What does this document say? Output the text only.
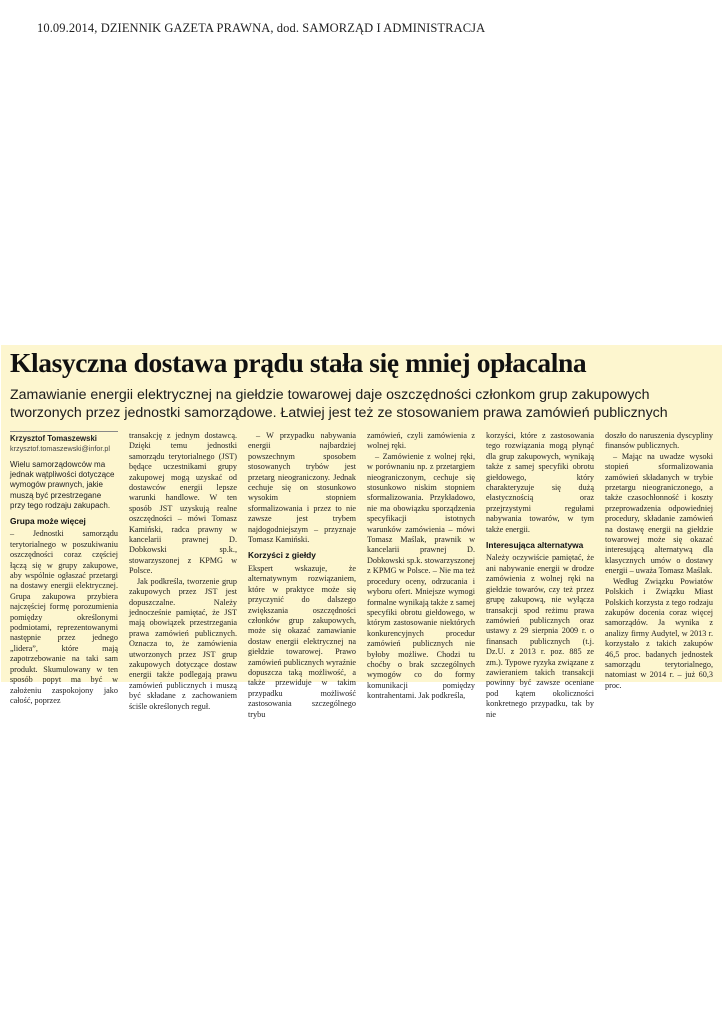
10.09.2014, DZIENNIK GAZETA PRAWNA, dod. SAMORZĄD I ADMINISTRACJA
Klasyczna dostawa prądu stała się mniej opłacalna

Zamawianie energii elektrycznej na giełdzie towarowej daje oszczędności członkom grup zakupowych tworzonych przez jednostki samorządowe. Łatwiej jest też ze stosowaniem prawa zamówień publicznych

Krzysztof Tomaszewski
krzysztof.tomaszewski@infor.pl

Wielu samorządowców ma jednak wątpliwości dotyczące wymogów prawnych, jakie muszą być przestrzegane przy tego rodzaju zakupach.

Grupa może więcej

– Jednostki samorządu terytorialnego w poszukiwaniu oszczędności coraz częściej łączą się w grupy zakupowe, aby wspólnie ogłaszać przetargi na dostawy energii elektrycznej. Grupa zakupowa przybiera najczęściej formę porozumienia pomiędzy określonymi podmiotami, reprezentowanymi następnie przez jednego „lidera”, które mają zapotrzebowanie na taki sam produkt. Skumulowany w ten sposób popyt ma być w założeniu zaspokojony jako całość, poprzez

transakcję z jednym dostawcą. Dzięki temu jednostki samorządu terytorialnego (JST) będące uczestnikami grupy zakupowej mogą uzyskać od dostawców energii lepsze warunki handlowe. W ten sposób JST uzyskują realne oszczędności – mówi Tomasz Kamiński, radca prawny w kancelarii prawnej D. Dobkowski sp.k., stowarzyszonej z KPMG w Polsce.

Jak podkreśla, tworzenie grup zakupowych przez JST jest dopuszczalne. Należy jednocześnie pamiętać, że JST mają obowiązek przestrzegania prawa zamówień publicznych. Oznacza to, że zamówienia utworzonych przez JST grup zakupowych dotyczące dostaw energii także podlegają prawu zamówień publicznych i muszą być składane z zachowaniem ściśle określonych reguł.

– W przypadku nabywania energii najbardziej powszechnym sposobem stosowanych trybów jest przetarg nieograniczony. Jednak cechuje się on stosunkowo wysokim stopniem sformalizowania i przez to nie zawsze jest trybem najdogodniejszym – przyznaje Tomasz Kamiński.

Korzyści z giełdy

Ekspert wskazuje, że alternatywnym rozwiązaniem, które w praktyce może się przyczynić do dalszego zwiększania oszczędności członków grup zakupowych, może się okazać zamawianie dostaw energii elektrycznej na giełdzie towarowej. Prawo zamówień publicznych wyraźnie dopuszcza taką możliwość, a także przewiduje w takim przypadku możliwość zastosowania szczególnego trybu

zamówień, czyli zamówienia z wolnej ręki.

– Zamówienie z wolnej ręki, w porównaniu np. z przetargiem nieograniczonym, cechuje się stosunkowo niskim stopniem sformalizowania. Przykładowo, nie ma obowiązku sporządzenia specyfikacji istotnych warunków zamówienia – mówi Tomasz Maślak, prawnik w kancelarii prawnej D. Dobkowski sp.k. stowarzyszonej z KPMG w Polsce. – Nie ma też procedury oceny, odrzucania i wyboru ofert. Mniejsze wymogi formalne wynikają także z samej specyfiki obrotu giełdowego, w którym zastosowanie niektórych konkurencyjnych procedur zamówień publicznych nie byłoby możliwe. Chodzi tu choćby o brak szczególnych wymogów co do formy komunikacji pomiędzy kontrahentami. Jak podkreśla,

korzyści, które z zastosowania tego rozwiązania mogą płynąć dla grup zakupowych, wynikają także z samej specyfiki obrotu giełdowego, który charakteryzuje się dużą elastycznością oraz przejrzystymi regułami nabywania towarów, w tym także energii.

Interesująca alternatywa

Należy oczywiście pamiętać, że ani nabywanie energii w drodze zamówienia z wolnej ręki na giełdzie towarów, czy też przez grupę zakupową, nie wyłącza transakcji spod reżimu prawa zamówień publicznych oraz ustawy z 29 sierpnia 2009 r. o finansach publicznych (t.j. Dz.U. z 2013 r. poz. 885 ze zm.). Typowe ryzyka związane z zawieraniem takich transakcji powinny być zawsze oceniane pod kątem okoliczności konkretnego przypadku, tak by nie

doszło do naruszenia dyscypliny finansów publicznych.

– Mając na uwadze wysoki stopień sformalizowania zamówień składanych w trybie przetargu nieograniczonego, a także czasochłonność i koszty przeprowadzenia odpowiedniej procedury, składanie zamówień na dostawę energii na giełdzie towarowej może się okazać interesującą alternatywą dla klasycznych umów o dostawy energii – uważa Tomasz Maślak.

Według Związku Powiatów Polskich i Związku Miast Polskich korzysta z tego rodzaju zakupów docenia coraz więcej samorządów. Ja wynika z analizy firmy Audytel, w 2013 r. korzystało z takich zakupów 46,5 proc. badanych jednostek samorządu terytorialnego, natomiast w 2014 r. – już 60,3 proc.
